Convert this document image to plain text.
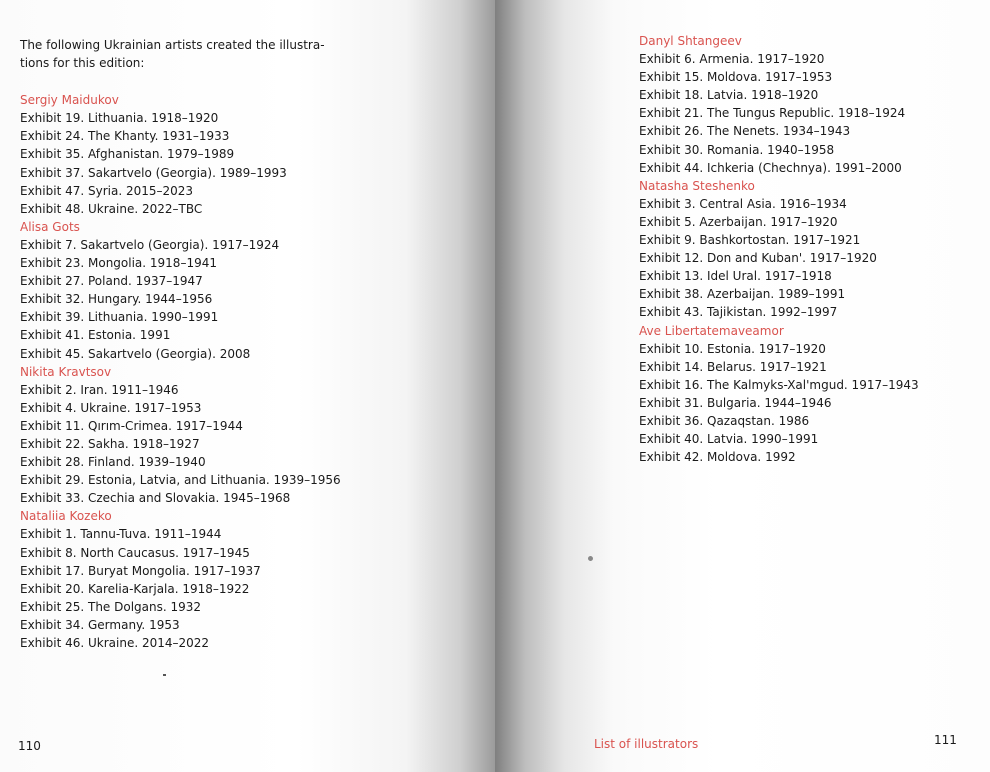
The following Ukrainian artists created the illustra-
tions for this edition:

Sergiy Maidukov
Exhibit 19. Lithuania. 1918–1920
Exhibit 24. The Khanty. 1931–1933
Exhibit 35. Afghanistan. 1979–1989
Exhibit 37. Sakartvelo (Georgia). 1989–1993
Exhibit 47. Syria. 2015–2023
Exhibit 48. Ukraine. 2022–TBC
Alisa Gots
Exhibit 7. Sakartvelo (Georgia). 1917–1924
Exhibit 23. Mongolia. 1918–1941
Exhibit 27. Poland. 1937–1947
Exhibit 32. Hungary. 1944–1956
Exhibit 39. Lithuania. 1990–1991
Exhibit 41. Estonia. 1991
Exhibit 45. Sakartvelo (Georgia). 2008
Nikita Kravtsov
Exhibit 2. Iran. 1911–1946
Exhibit 4. Ukraine. 1917–1953
Exhibit 11. Qırım-Crimea. 1917–1944
Exhibit 22. Sakha. 1918–1927
Exhibit 28. Finland. 1939–1940
Exhibit 29. Estonia, Latvia, and Lithuania. 1939–1956
Exhibit 33. Czechia and Slovakia. 1945–1968
Nataliia Kozeko
Exhibit 1. Tannu-Tuva. 1911–1944
Exhibit 8. North Caucasus. 1917–1945
Exhibit 17. Buryat Mongolia. 1917–1937
Exhibit 20. Karelia-Karjala. 1918–1922
Exhibit 25. The Dolgans. 1932
Exhibit 34. Germany. 1953
Exhibit 46. Ukraine. 2014–2022
110
Danyl Shtangeev
Exhibit 6. Armenia. 1917–1920
Exhibit 15. Moldova. 1917–1953
Exhibit 18. Latvia. 1918–1920
Exhibit 21. The Tungus Republic. 1918–1924
Exhibit 26. The Nenets. 1934–1943
Exhibit 30. Romania. 1940–1958
Exhibit 44. Ichkeria (Chechnya). 1991–2000
Natasha Steshenko
Exhibit 3. Central Asia. 1916–1934
Exhibit 5. Azerbaijan. 1917–1920
Exhibit 9. Bashkortostan. 1917–1921
Exhibit 12. Don and Kuban'. 1917–1920
Exhibit 13. Idel Ural. 1917–1918
Exhibit 38. Azerbaijan. 1989–1991
Exhibit 43. Tajikistan. 1992–1997
Ave Libertatemaveamor
Exhibit 10. Estonia. 1917–1920
Exhibit 14. Belarus. 1917–1921
Exhibit 16. The Kalmyks-Xal'mgud. 1917–1943
Exhibit 31. Bulgaria. 1944–1946
Exhibit 36. Qazaqstan. 1986
Exhibit 40. Latvia. 1990–1991
Exhibit 42. Moldova. 1992
List of illustrators	111
